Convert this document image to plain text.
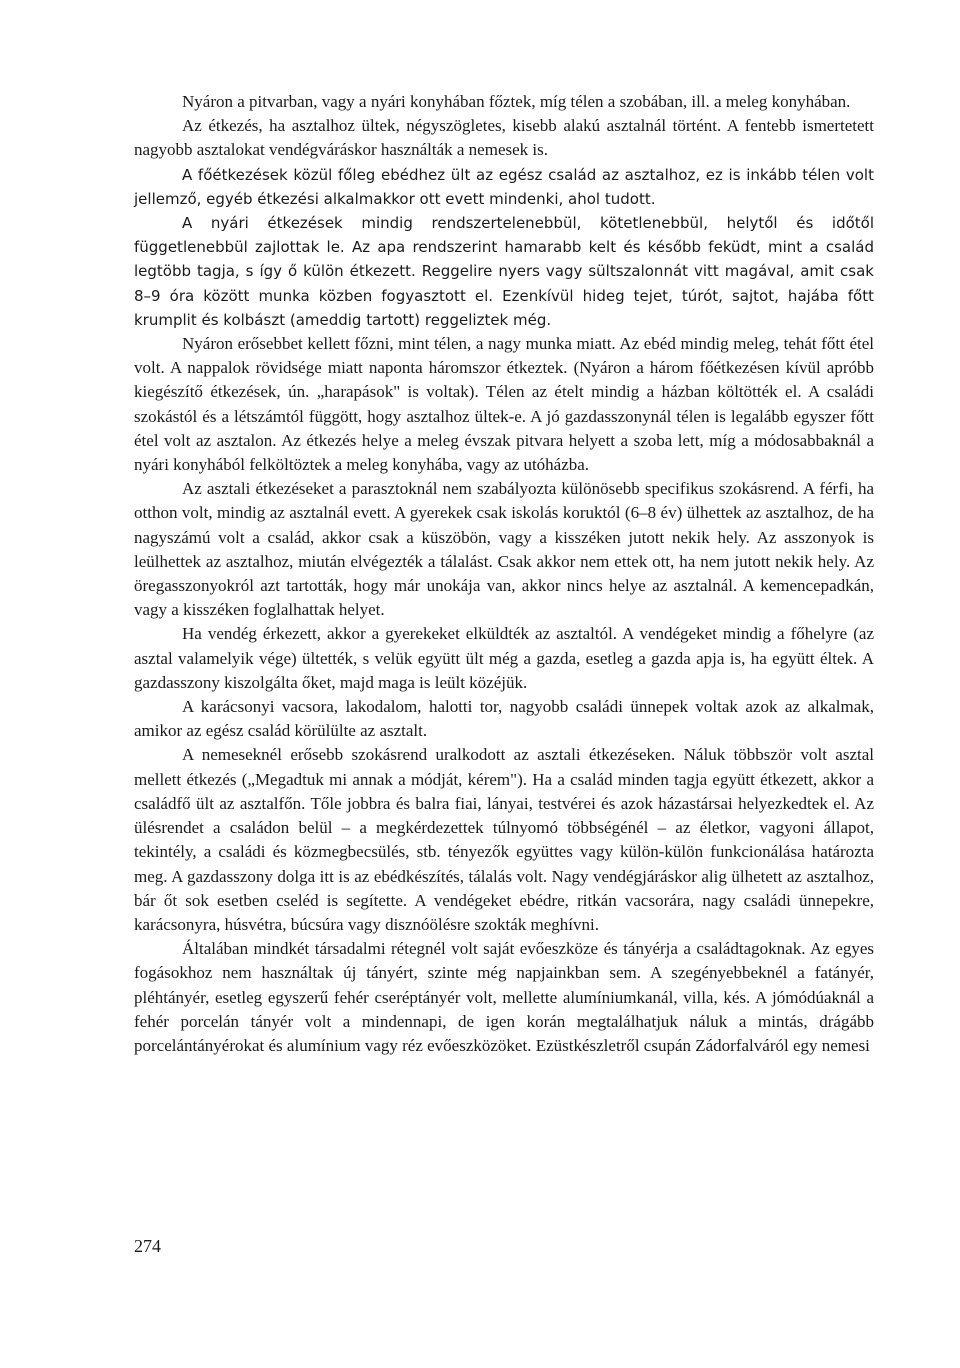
Nyáron a pitvarban, vagy a nyári konyhában főztek, míg télen a szobában, ill. a meleg konyhában.

Az étkezés, ha asztalhoz ültek, négyszögletes, kisebb alakú asztalnál történt. A fentebb ismertetett nagyobb asztalokat vendégváráskor használták a nemesek is.

A főétkezések közül főleg ebédhez ült az egész család az asztalhoz, ez is inkább télen volt jellemző, egyéb étkezési alkalmakkor ott evett mindenki, ahol tudott.

A nyári étkezések mindig rendszertelenebbül, kötetlenebbül, helytől és időtől függetlenebbül zajlottak le. Az apa rendszerint hamarabb kelt és később feküdt, mint a család legtöbb tagja, s így ő külön étkezett. Reggelire nyers vagy sültszalonnát vitt magával, amit csak 8–9 óra között munka közben fogyasztott el. Ezenkívül hideg tejet, túrót, sajtot, hajába főtt krumplit és kolbászt (ameddig tartott) reggeliztek még.

Nyáron erősebbet kellett főzni, mint télen, a nagy munka miatt. Az ebéd mindig meleg, tehát főtt étel volt. A nappalok rövidsége miatt naponta háromszor étkeztek. (Nyáron a három főétkezésen kívül apróbb kiegészítő étkezések, ún. „harapások" is voltak). Télen az ételt mindig a házban költötték el. A családi szokástól és a létszámtól függött, hogy asztalhoz ültek-e. A jó gazdasszonynál télen is legalább egyszer főtt étel volt az asztalon. Az étkezés helye a meleg évszak pitvara helyett a szoba lett, míg a módosabbaknál a nyári konyhából felköltöztek a meleg konyhába, vagy az utóházba.

Az asztali étkezéseket a parasztoknál nem szabályozta különösebb specifikus szokásrend. A férfi, ha otthon volt, mindig az asztalnál evett. A gyerekek csak iskolás koruktól (6–8 év) ülhettek az asztalhoz, de ha nagyszámú volt a család, akkor csak a küszöbön, vagy a kisszéken jutott nekik hely. Az asszonyok is leülhettek az asztalhoz, miután elvégezték a tálalást. Csak akkor nem ettek ott, ha nem jutott nekik hely. Az öregasszonyokról azt tartották, hogy már unokája van, akkor nincs helye az asztalnál. A kemencepadkán, vagy a kisszéken foglalhattak helyet.

Ha vendég érkezett, akkor a gyerekeket elküldték az asztaltól. A vendégeket mindig a főhelyre (az asztal valamelyik vége) ültették, s velük együtt ült még a gazda, esetleg a gazda apja is, ha együtt éltek. A gazdasszony kiszolgálta őket, majd maga is leült közéjük.

A karácsonyi vacsora, lakodalom, halotti tor, nagyobb családi ünnepek voltak azok az alkalmak, amikor az egész család körülülte az asztalt.

A nemeseknél erősebb szokásrend uralkodott az asztali étkezéseken. Náluk többször volt asztal mellett étkezés („Megadtuk mi annak a módját, kérem"). Ha a család minden tagja együtt étkezett, akkor a családfő ült az asztalfőn. Tőle jobbra és balra fiai, lányai, testvérei és azok házastársai helyezkedtek el. Az ülésrendet a családon belül – a megkérdezettek túlnyomó többségénél – az életkor, vagyoni állapot, tekintély, a családi és közmegbecsülés, stb. tényezők együttes vagy külön-külön funkcionálása határozta meg. A gazdasszony dolga itt is az ebédkészítés, tálalás volt. Nagy vendégjáráskor alig ülhetett az asztalhoz, bár őt sok esetben cseléd is segítette. A vendégeket ebédre, ritkán vacsorára, nagy családi ünnepekre, karácsonyra, húsvétra, búcsúra vagy disznóölésre szokták meghívni.

Általában mindkét társadalmi rétegnél volt saját evőeszköze és tányérja a családtagoknak. Az egyes fogásokhoz nem használtak új tányért, szinte még napjainkban sem. A szegényebbeknél a fatányér, pléhtányér, esetleg egyszerű fehér cseréptányér volt, mellette alumíniumkanál, villa, kés. A jómódúaknál a fehér porcelán tányér volt a mindennapi, de igen korán megtalálhatjuk náluk a mintás, drágább porcelántányérokat és alumínium vagy réz evőeszközöket. Ezüstkészletről csupán Zádorfalváról egy nemesi

274
